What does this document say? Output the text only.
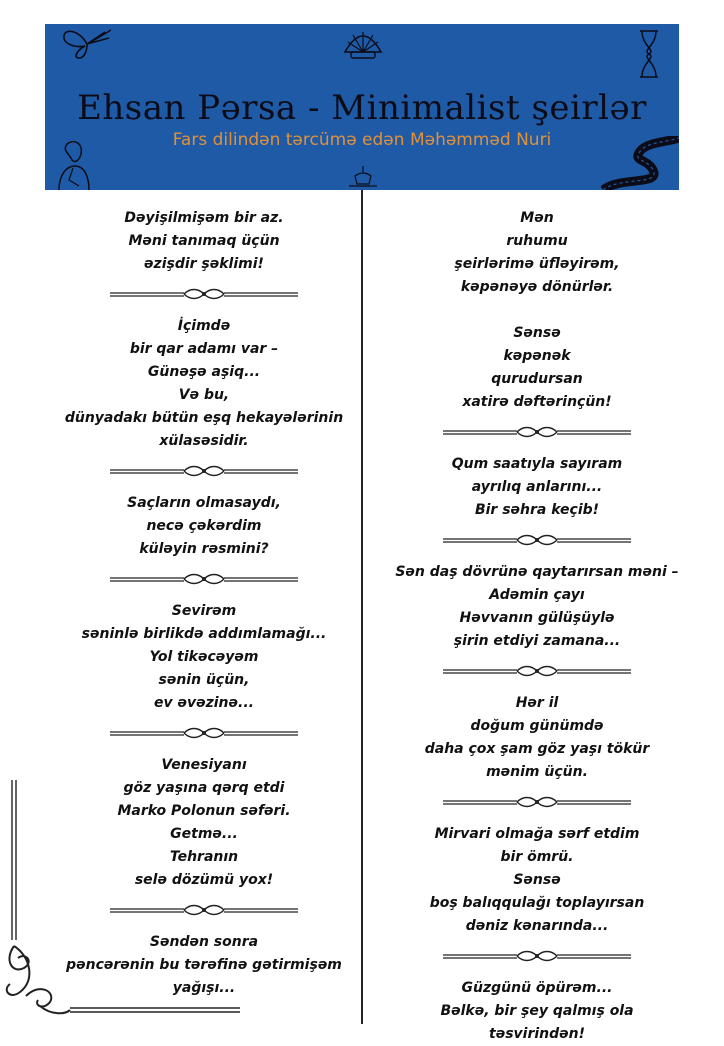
Ehsan Pərsa - Minimalist şeirlər
Fars dilindən tərcümə edən Məhəmməd Nuri

Dəyişilmişəm bir az.

Məni tanımaq üçün

əzişdir şəklimi!

İçimdə

bir qar adamı var –

Günəşə aşiq...

Və bu,

dünyadakı bütün eşq hekayələrinin

xülasəsidir.

Saçların olmasaydı,

necə çəkərdim

küləyin rəsmini?

Sevirəm

səninlə birlikdə addımlamağı...

Yol tikəcəyəm

sənin üçün,

ev əvəzinə...

Venesiyanı

göz yaşına qərq etdi

Marko Polonun səfəri.

Getmə...

Tehranın

selə dözümü yox!

Səndən sonra

pəncərənin bu tərəfinə gətirmişəm

yağışı...

Mən

ruhumu

şeirlərimə üfləyirəm,

kəpənəyə dönürlər.

Sənsə

kəpənək

qurudursan

xatirə dəftərinçün!

Qum saatıyla sayıram

ayrılıq anlarını...

Bir səhra keçib!

Sən daş dövrünə qaytarırsan məni –

Adəmin çayı

Həvvanın gülüşüylə

şirin etdiyi zamana...

Hər il

doğum günümdə

daha çox şam göz yaşı tökür

mənim üçün.

Mirvari olmağa sərf etdim

bir ömrü.

Sənsə

boş balıqqulağı toplayırsan

dəniz kənarında...

Güzgünü öpürəm...

Bəlkə, bir şey qalmış ola

təsvirindən!
